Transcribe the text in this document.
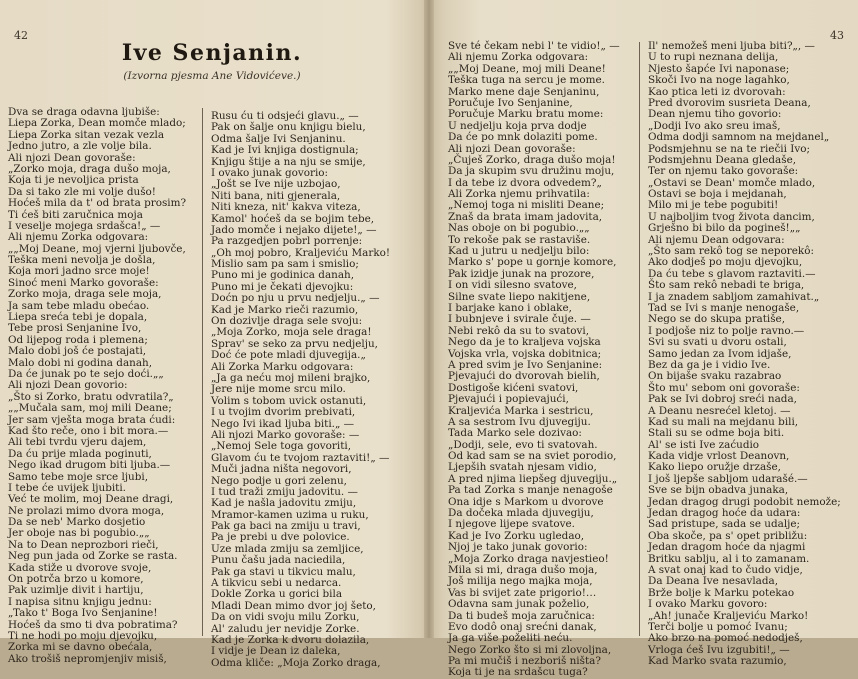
42
Ive Senjanin.
(Izvorna pjesma Ane Vidovićeve.)
Dva se draga odavna ljubiše:
Liepa Zorka, Dean momče mlado;
Liepa Zorka sitan vezak vezla
Jedno jutro, a zle volje bila.
Ali njozi Dean govoraše:
„Zorko moja, draga dušo moja,
Koja ti je nevoljica prista
Da si tako zle mi volje dušo!
Hoćeš mila da t' od brata prosim?
Ti ćeš biti zaručnica moja
I veselje mojega srdašca!„ —
Ali njemu Zorka odgovara:
„„Moj Deane, moj vjerni ljubovče,
Teška meni nevolja je došla,
Koja mori jadno srce moje!
Sinoć meni Marko govoraše:
Zorko moja, draga sele moja,
Ja sam tebe mladu obećao.
Liepa sreća tebi je dopala,
Tebe prosi Senjanine Ivo,
Od lijepog roda i plemena;
Malo dobi još će postajati,
Malo dobi ni godina danah,
Da će junak po te sejo doći.„„
Ali njozi Dean govorio:
„Što si Zorko, bratu odvratila?„
„„Mučala sam, moj mili Deane;
Jer sam vješta moga brata ćudi:
Kad što reče, ono i bit mora.—
Ali tebi tvrdu vjeru dajem,
Da ću prije mlada poginuti,
Nego ikad drugom biti ljuba.—
Samo tebe moje srce ljubi,
I tebe će uvijek ljubiti.
Već te molim, moj Deane dragi,
Ne prolazi mimo dvora moga,
Da se neb' Marko dosjetio
Jer oboje nas bi pogubio.„„
Na to Dean neprozbori rieči,
Neg pun jada od Zorke se rasta.
Kada stiže u dvorove svoje,
On potrča brzo u komore,
Pak uzimlje divit i hartiju,
I napisa sitnu knjigu jednu:
„Tako t' Boga Ivo Senjanine!
Hoćeš da smo ti dva pobratima?
Ti ne hodi po moju djevojku,
Zorka mi se davno obećala,
Ako trošiš nepromjenjiv misiš,
Rusu ću ti odsjeći glavu.„ —
Pak on šalje onu knjigu bielu,
Odma šalje Ivi Senjaninu.
Kad je Ivi knjiga dostignula;
Knjigu štije a na nju se smije,
I ovako junak govorio:
„Jošt se Ive nije uzbojao,
Niti bana, niti gjenerala,
Niti kneza, nit' kakva viteza,
Kamol' hoćeš da se bojim tebe,
Jado momče i nejako dijete!„ —
Pa razgedjen pobrl porrenje:
„Oh moj pobro, Kraljeviću Marko!
Mislio sam pa sam i smislio;
Puno mi je godinica danah,
Puno mi je čekati djevojku:
Doćn po nju u prvu nedjelju.„ —
Kad je Marko rieči razumio,
On dozivlje draga sele svoju:
„Moja Zorko, moja sele draga!
Sprav' se seko za prvu nedjelju,
Doć će pote mladi djuvegija.„
Ali Zorka Marku odgovara:
„Ja ga neću moj mileni brajko,
Jere nije mome srcu milo.
Volim s tobom uvick ostanuti,
I u tvojim dvorim prebivati,
Nego Ivi ikad ljuba biti.„ —
Ali njozi Marko govoraše: —
„Nemoj Sele toga govoriti,
Glavom ću te tvojom raztaviti!„ —
Muči jadna ništa negovori,
Nego podje u gori zelenu,
I tud traži zmiju jadovitu. —
Kad je našla jadovitu zmiju,
Mramor-kamen uzima u ruku,
Pak ga baci na zmiju u travi,
Pa je prebi u dve polovice.
Uze mlada zmiju sa zemljice,
Punu čašu jada naciedila,
Pak ga stavi u tikvicu malu,
A tikvicu sebi u nedarca.
Dokle Zorka u gorici bila
Mladi Dean mimo dvor joj šeto,
Da on vidi svoju milu Zorku,
Al' zaludu jer nevidje Zorke.
Kad je Zorka k dvoru dolazila,
I vidje je Dean iz daleka,
Odma kliče: „Moja Zorko draga,
43
Sve té čekam nebi l' te vidio!„ —
Ali njemu Zorka odgovara:
„„Moj Deane, moj mili Deane!
Teška tuga na sercu je mome.
Marko mene daje Senjaninu,
Poručuje Ivo Senjanine,
Poručuje Marku bratu mome:
U nedjelju koja prva dodje
Da će po mnk dolaziti pome.
Ali njozi Dean govoraše:
„Čuješ Zorko, draga dušo moja!
Da ja skupim svu družinu moju,
I da tebe iz dvora odvedem?„
Ali Zorka njemu prihvatila:
„Nemoj toga ni misliti Deane;
Znaš da brata imam jadovita,
Nas oboje on bi pogubio.„„
To rekoše pak se rastaviše.
Kad u jutru u nedjelju bilo:
Marko s' pope u gornje komore,
Pak izidje junak na prozore,
I on vidi silesno svatove,
Silne svate liepo nakitjene,
I barjake kano i oblake,
I bubnjeve i svirale čuje. —
Nebi rekô da su to svatovi,
Nego da je to kraljeva vojska
Vojska vrla, vojska dobitnica;
A pred svim je Ivo Senjanine:
Pjevajući do dvorovah bielih,
Dostigoše kićeni svatovi,
Pjevajući i popievajući,
Kraljevića Marka i sestricu,
A sa sestrom Ivu djuvegiju.
Tada Marko sele dozivao:
„Dodji, sele, evo ti svatovah.
Od kad sam se na sviet porodio,
Ljepših svatah njesam vidio,
A pred njima liepšeg djuvegiju.„
Pa tad Zorka s manje nenagoše
Ona idje s Markom u dvorove
Da dočeka mlada djuvegiju,
I njegove lijepe svatove.
Kad je Ivo Zorku ugledao,
Njoj je tako junak govorio:
„Moja Zorko draga navjestieo!
Mila si mi, draga dušo moja,
Još milija nego majka moja,
Vas bi svijet zate prigorio!…
Odavna sam junak poželio,
Da ti budeš moja zaručnica:
Evo dodô onaj srećni danak,
Ja ga više poželiti neću.
Nego Zorko što si mi zlovoljna,
Pa mi mučiš i nezboriš ništa?
Koja ti je na srdašcu tuga?
Il' nemožeš meni ljuba biti?„, —
U to rupi neznana delija,
Njesto šapće Ivi naponase;
Skoči Ivo na noge lagahko,
Kao ptica leti iz dvorovah:
Pred dvorovim susrieta Deana,
Dean njemu tiho govorio:
„Dodji Ivo ako sreu imaš,
Odma dodji samnom na mejdanel„
Podsmjehnu se na te riečii Ivo;
Podsmjehnu Deana gledaše,
Ter on njemu tako govoraše:
„Ostavi se Dean' momče mlado,
Ostavi se boja i mejdanah,
Milo mi je tebe pogubiti!
U najboljim tvog života dancim,
Grješno bi bilo da pogineš!„„
Ali njemu Dean odgovara:
„Što sam rekô tog se neporekô:
Ako dodješ po moju djevojku,
Da ću tebe s glavom raztaviti.—
Što sam rekô nebadi te briga,
I ja znadem sabljom zamahivat.„
Tad se Ivi s manje nenogaše,
Nego se do skupa pratiše,
I podjoše niz to polje ravno.—
Svi su svati u dvoru ostali,
Samo jedan za Ivom idjaše,
Bez da ga je i vidio Ive.
On bijaše svaku razabrao
Što mu' sebom oni govoraše:
Pak se Ivi dobroj sreći nada,
A Deanu nesrećel kletoj. —
Kad su mali na mejdanu bili,
Stali su se odme boja biti.
Al' se isti Ive zaćudio
Kada vidje vrlost Deanovn,
Kako liepo oružje drzaše,
I još ljepše sabljom udarašé.—
Sve se bijn obadva junaka,
Jedan dragog drugi podobit nemože;
Jedan dragog hoće da udara:
Sad pristupe, sada se udalje;
Oba skoče, pa s' opet približu:
Jedan dragom hoće da njagmi
Britku sablju, al i to zamanam.
A svat onaj kad to čudo vidje,
Da Deana Ive nesavlada,
Brže bolje k Marku potekao
I ovako Marku govoro:
„Ah! junače Kraljeviću Marko!
Terči bolje u pomoć Ivanu;
Ako brzo na pomoć nedodješ,
Vrloga ćeš Ivu izgubiti!„ —
Kad Marko svata razumio,
